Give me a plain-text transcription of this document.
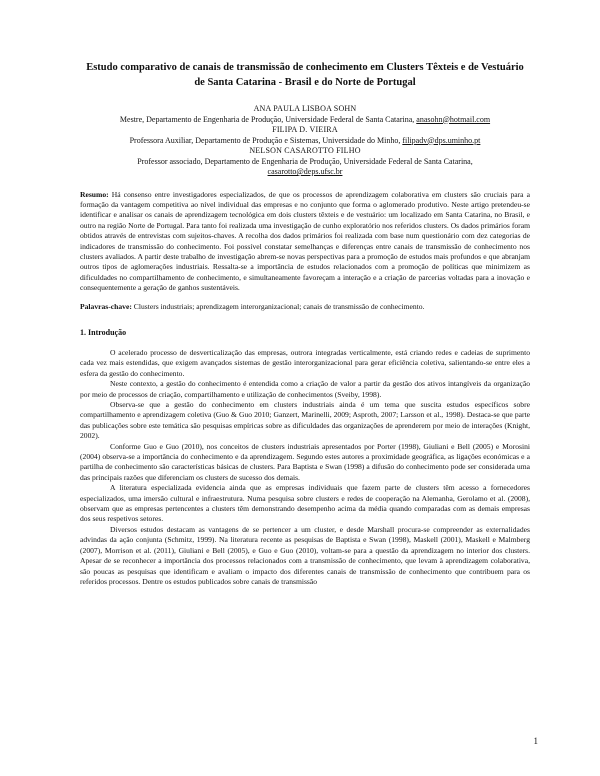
Estudo comparativo de canais de transmissão de conhecimento em Clusters Têxteis e de Vestuário de Santa Catarina - Brasil e do Norte de Portugal
ANA PAULA LISBOA SOHN
Mestre, Departamento de Engenharia de Produção, Universidade Federal de Santa Catarina, anasohn@hotmail.com
FILIPA D. VIEIRA
Professora Auxiliar, Departamento de Produção e Sistemas, Universidade do Minho, filipadv@dps.uminho.pt
NELSON CASAROTTO FILHO
Professor associado, Departamento de Engenharia de Produção, Universidade Federal de Santa Catarina,
casarotto@deps.ufsc.br
Resumo: Há consenso entre investigadores especializados, de que os processos de aprendizagem colaborativa em clusters são cruciais para a formação da vantagem competitiva ao nível individual das empresas e no conjunto que forma o aglomerado produtivo. Neste artigo pretendeu-se identificar e analisar os canais de aprendizagem tecnológica em dois clusters têxteis e de vestuário: um localizado em Santa Catarina, no Brasil, e outro na região Norte de Portugal. Para tanto foi realizada uma investigação de cunho exploratório nos referidos clusters. Os dados primários foram obtidos através de entrevistas com sujeitos-chaves. A recolha dos dados primários foi realizada com base num questionário com dez categorias de indicadores de transmissão do conhecimento. Foi possível constatar semelhanças e diferenças entre canais de transmissão de conhecimento nos clusters avaliados. A partir deste trabalho de investigação abrem-se novas perspectivas para a promoção de estudos mais profundos e que abranjam outros tipos de aglomerações industriais. Ressalta-se a importância de estudos relacionados com a promoção de políticas que minimizem as dificuldades no compartilhamento de conhecimento, e simultaneamente favoreçam a interação e a criação de parcerias voltadas para a inovação e consequentemente a geração de ganhos sustentáveis.
Palavras-chave: Clusters industriais; aprendizagem interorganizacional; canais de transmissão de conhecimento.
1. Introdução

O acelerado processo de desverticalização das empresas, outrora integradas verticalmente, está criando redes e cadeias de suprimento cada vez mais estendidas, que exigem avançados sistemas de gestão interorganizacional para gerar eficiência coletiva, salientando-se entre eles a esfera da gestão do conhecimento.

Neste contexto, a gestão do conhecimento é entendida como a criação de valor a partir da gestão dos ativos intangíveis da organização por meio de processos de criação, compartilhamento e utilização de conhecimentos (Sveiby, 1998).

Observa-se que a gestão do conhecimento em clusters industriais ainda é um tema que suscita estudos específicos sobre compartilhamento e aprendizagem coletiva (Guo & Guo 2010; Ganzert, Marinelli, 2009; Asproth, 2007; Larsson et al., 1998). Destaca-se que parte das publicações sobre este temática são pesquisas empíricas sobre as dificuldades das organizações de aprenderem por meio de interações (Knight, 2002).

Conforme Guo e Guo (2010), nos conceitos de clusters industriais apresentados por Porter (1998), Giuliani e Bell (2005) e Morosini (2004) observa-se a importância do conhecimento e da aprendizagem. Segundo estes autores a proximidade geográfica, as ligações económicas e a partilha de conhecimento são características básicas de clusters. Para Baptista e Swan (1998) a difusão do conhecimento pode ser considerada uma das principais razões que diferenciam os clusters de sucesso dos demais.

A literatura especializada evidencia ainda que as empresas individuais que fazem parte de clusters têm acesso a fornecedores especializados, uma imersão cultural e infraestrutura. Numa pesquisa sobre clusters e redes de cooperação na Alemanha, Gerolamo et al. (2008), observam que as empresas pertencentes a clusters têm demonstrando desempenho acima da média quando comparadas com as demais empresas dos seus respetivos setores.

Diversos estudos destacam as vantagens de se pertencer a um cluster, e desde Marshall procura-se compreender as externalidades advindas da ação conjunta (Schmitz, 1999). Na literatura recente as pesquisas de Baptista e Swan (1998), Maskell (2001), Maskell e Malmberg (2007), Morrison et al. (2011), Giuliani e Bell (2005), e Guo e Guo (2010), voltam-se para a questão da aprendizagem no interior dos clusters. Apesar de se reconhecer a importância dos processos relacionados com a transmissão de conhecimento, que levam à aprendizagem colaborativa, são poucas as pesquisas que identificam e avaliam o impacto dos diferentes canais de transmissão de conhecimento que contribuem para os referidos processos. Dentre os estudos publicados sobre canais de transmissão

1
